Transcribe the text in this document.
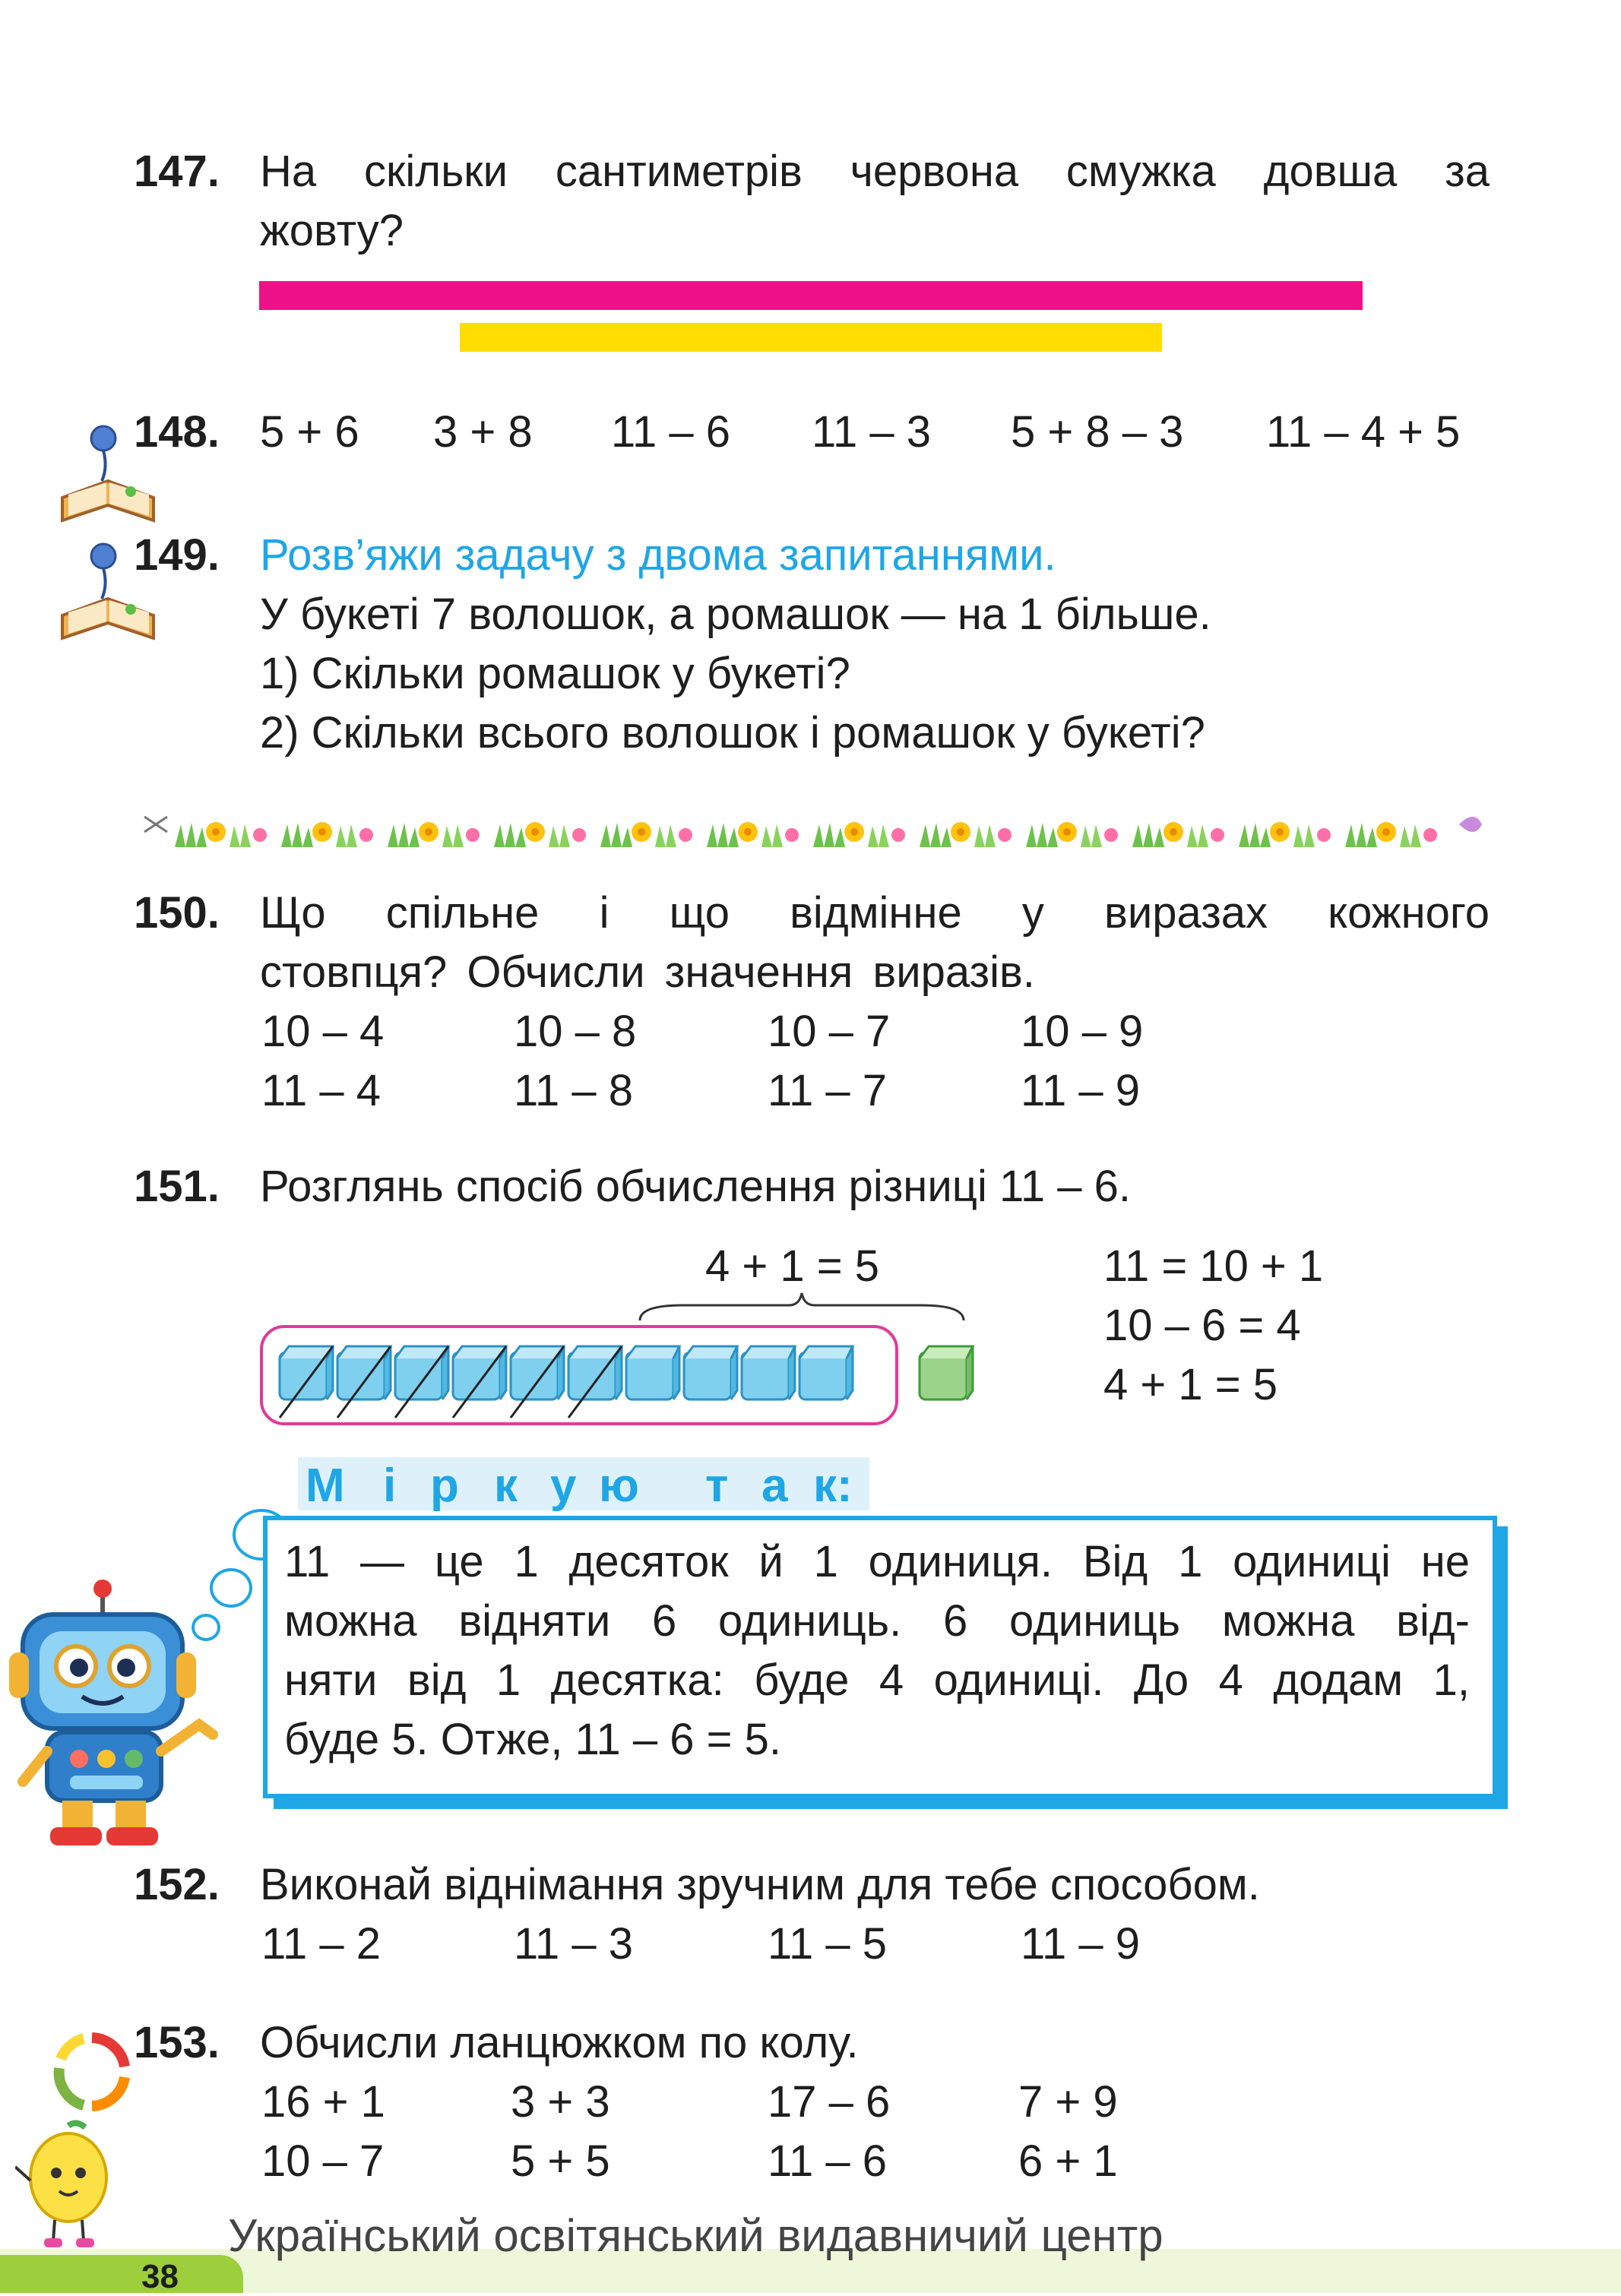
147. На скільки сантиметрів червона смужка довша за
жовту?
148. 5 + 6 3 + 8 11 – 6 11 – 3 5 + 8 – 3 11 – 4 + 5
149. Розв’яжи задачу з двома запитаннями.
У букеті 7 волошок, а ромашок — на 1 більше.
1) Скільки ромашок у букеті?
2) Скільки всього волошок і ромашок у букеті?
150. Що спільне і що відмінне у виразах кожного
стовпця? Обчисли значення виразів.
10 – 4	10 – 8	10 – 7	10 – 9
11 – 4	11 – 8	11 – 7	11 – 9
151. Розглянь спосіб обчислення різниці 11 – 6.
4 + 1 = 5	11 = 10 + 1
10 – 6 = 4
4 + 1 = 5
М і р к у ю т а к:
11 — це 1 десяток й 1 одиниця. Від 1 одиниці не
можна відняти 6 одиниць. 6 одиниць можна від-
няти від 1 десятка: буде 4 одиниці. До 4 додам 1,
буде 5. Отже, 11 – 6 = 5.
152. Виконай віднімання зручним для тебе способом.
11 – 2	11 – 3	11 – 5	11 – 9
153. Обчисли ланцюжком по колу.
16 + 1	3 + 3	17 – 6	7 + 9
10 – 7	5 + 5	11 – 6	6 + 1
38
Український освітянський видавничий центр
